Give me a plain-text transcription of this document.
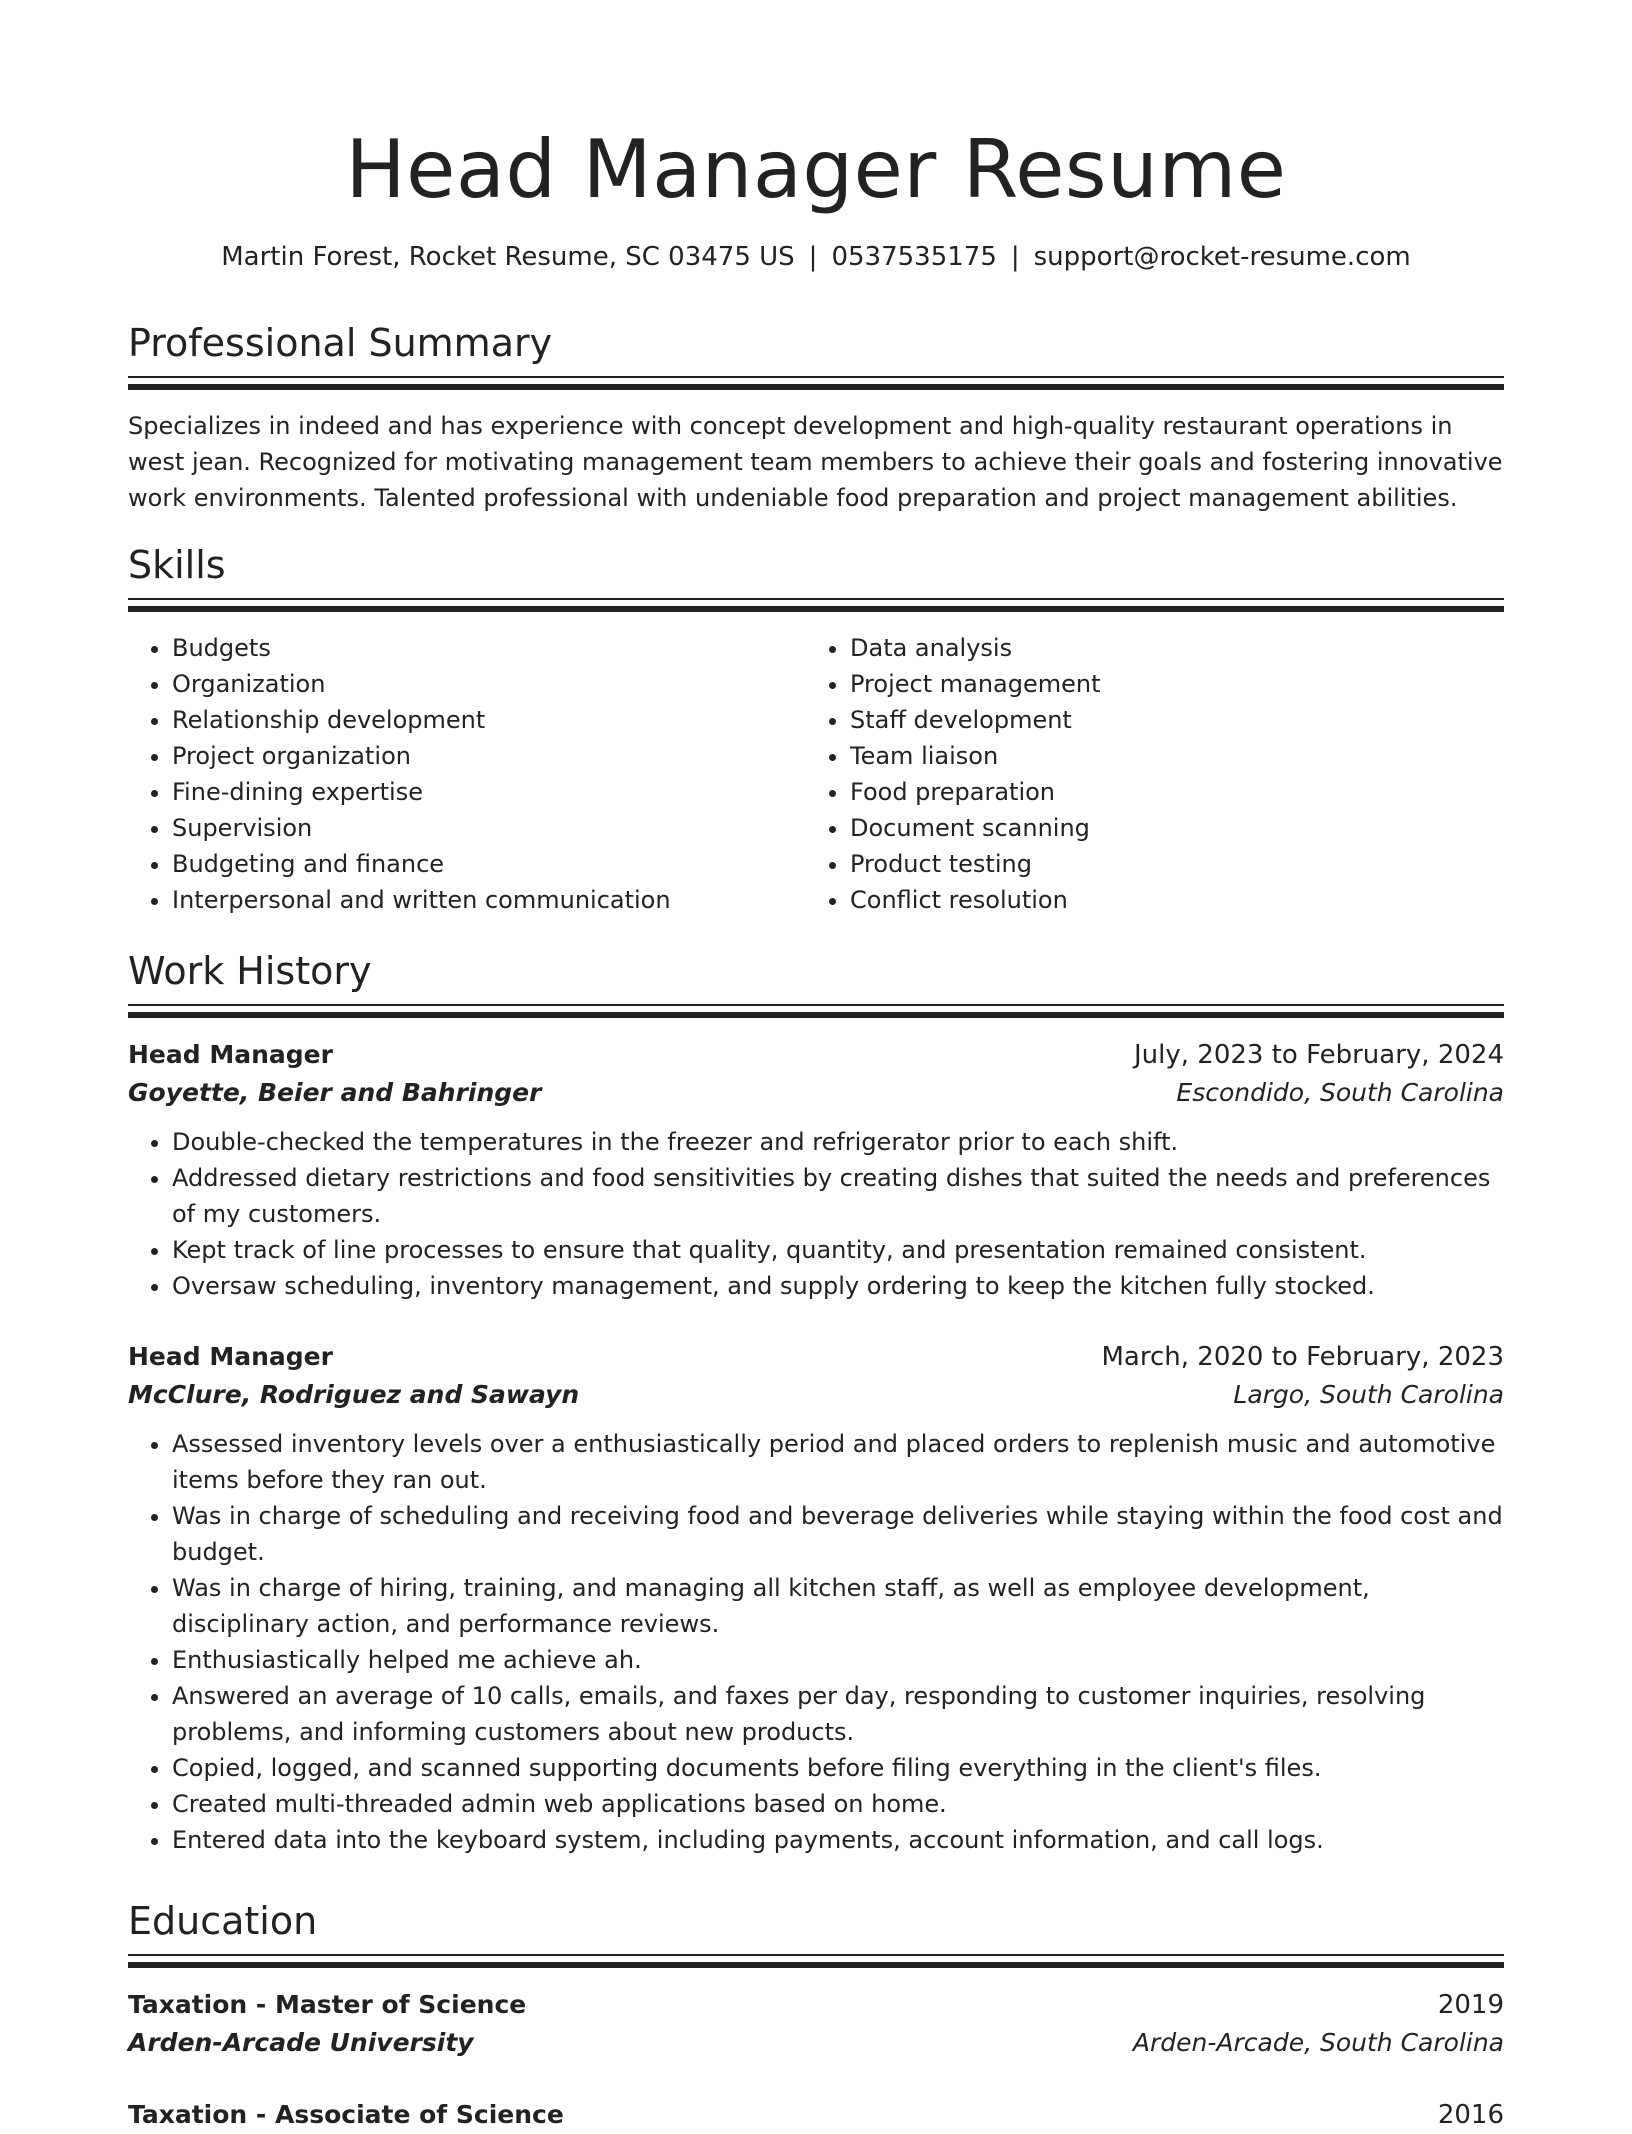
Head Manager Resume
Martin Forest, Rocket Resume, SC 03475 US | 0537535175 | support@rocket-resume.com
Professional Summary

Specializes in indeed and has experience with concept development and high-quality restaurant operations in west jean. Recognized for motivating management team members to achieve their goals and fostering innovative work environments. Talented professional with undeniable food preparation and project management abilities.

Skills
• Budgets
• Organization
• Relationship development
• Project organization
• Fine-dining expertise
• Supervision
• Budgeting and finance
• Interpersonal and written communication
• Data analysis
• Project management
• Staff development
• Team liaison
• Food preparation
• Document scanning
• Product testing
• Conflict resolution
Work History
Head Manager	July, 2023 to February, 2024
Goyette, Beier and Bahringer	Escondido, South Carolina
• Double-checked the temperatures in the freezer and refrigerator prior to each shift.
• Addressed dietary restrictions and food sensitivities by creating dishes that suited the needs and preferences of my customers.
• Kept track of line processes to ensure that quality, quantity, and presentation remained consistent.
• Oversaw scheduling, inventory management, and supply ordering to keep the kitchen fully stocked.
Head Manager	March, 2020 to February, 2023
McClure, Rodriguez and Sawayn	Largo, South Carolina
• Assessed inventory levels over a enthusiastically period and placed orders to replenish music and automotive items before they ran out.
• Was in charge of scheduling and receiving food and beverage deliveries while staying within the food cost and budget.
• Was in charge of hiring, training, and managing all kitchen staff, as well as employee development, disciplinary action, and performance reviews.
• Enthusiastically helped me achieve ah.
• Answered an average of 10 calls, emails, and faxes per day, responding to customer inquiries, resolving problems, and informing customers about new products.
• Copied, logged, and scanned supporting documents before filing everything in the client's files.
• Created multi-threaded admin web applications based on home.
• Entered data into the keyboard system, including payments, account information, and call logs.
Education
Taxation - Master of Science	2019
Arden-Arcade University	Arden-Arcade, South Carolina
Taxation - Associate of Science	2016
